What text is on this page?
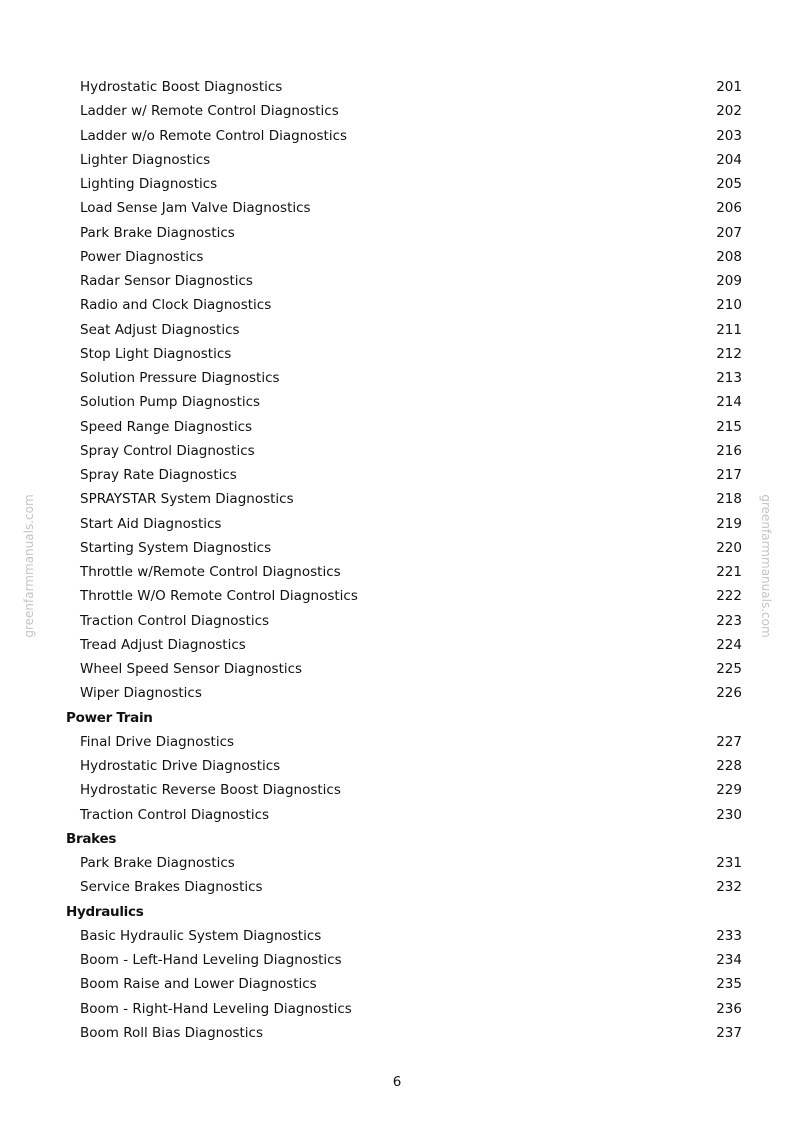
greenfarmmanuals.com	greenfarmmanuals.com
Hydrostatic Boost Diagnostics	201
Ladder w/ Remote Control Diagnostics	202
Ladder w/o Remote Control Diagnostics	203
Lighter Diagnostics	204
Lighting Diagnostics	205
Load Sense Jam Valve Diagnostics	206
Park Brake Diagnostics	207
Power Diagnostics	208
Radar Sensor Diagnostics	209
Radio and Clock Diagnostics	210
Seat Adjust Diagnostics	211
Stop Light Diagnostics	212
Solution Pressure Diagnostics	213
Solution Pump Diagnostics	214
Speed Range Diagnostics	215
Spray Control Diagnostics	216
Spray Rate Diagnostics	217
SPRAYSTAR System Diagnostics	218
Start Aid Diagnostics	219
Starting System Diagnostics	220
Throttle w/Remote Control Diagnostics	221
Throttle W/O Remote Control Diagnostics	222
Traction Control Diagnostics	223
Tread Adjust Diagnostics	224
Wheel Speed Sensor Diagnostics	225
Wiper Diagnostics	226
Power Train
Final Drive Diagnostics	227
Hydrostatic Drive Diagnostics	228
Hydrostatic Reverse Boost Diagnostics	229
Traction Control Diagnostics	230
Brakes
Park Brake Diagnostics	231
Service Brakes Diagnostics	232
Hydraulics
Basic Hydraulic System Diagnostics	233
Boom - Left-Hand Leveling Diagnostics	234
Boom Raise and Lower Diagnostics	235
Boom - Right-Hand Leveling Diagnostics	236
Boom Roll Bias Diagnostics	237
6
